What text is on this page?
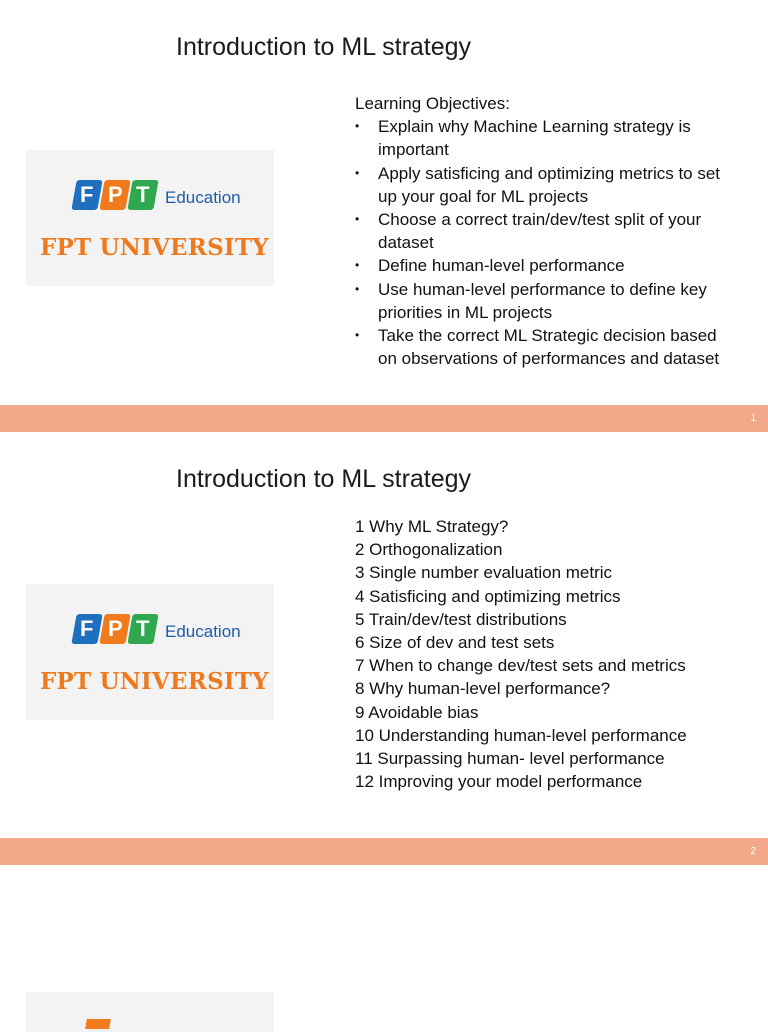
Introduction to ML strategy
F P T Education
FPT UNIVERSITY

Learning Objectives:

• Explain why Machine Learning strategy is important
• Apply satisficing and optimizing metrics to set up your goal for ML projects
• Choose a correct train/dev/test split of your dataset
• Define human-level performance
• Use human-level performance to define key priorities in ML projects
• Take the correct ML Strategic decision based on observations of performances and dataset
1
Introduction to ML strategy
F P T Education
FPT UNIVERSITY
1 Why ML Strategy?
2 Orthogonalization
3 Single number evaluation metric
4 Satisficing and optimizing metrics
5 Train/dev/test distributions
6 Size of dev and test sets
7 When to change dev/test sets and metrics
8 Why human-level performance?
9 Avoidable bias
10 Understanding human-level performance
11 Surpassing human- level performance
12 Improving your model performance
2
